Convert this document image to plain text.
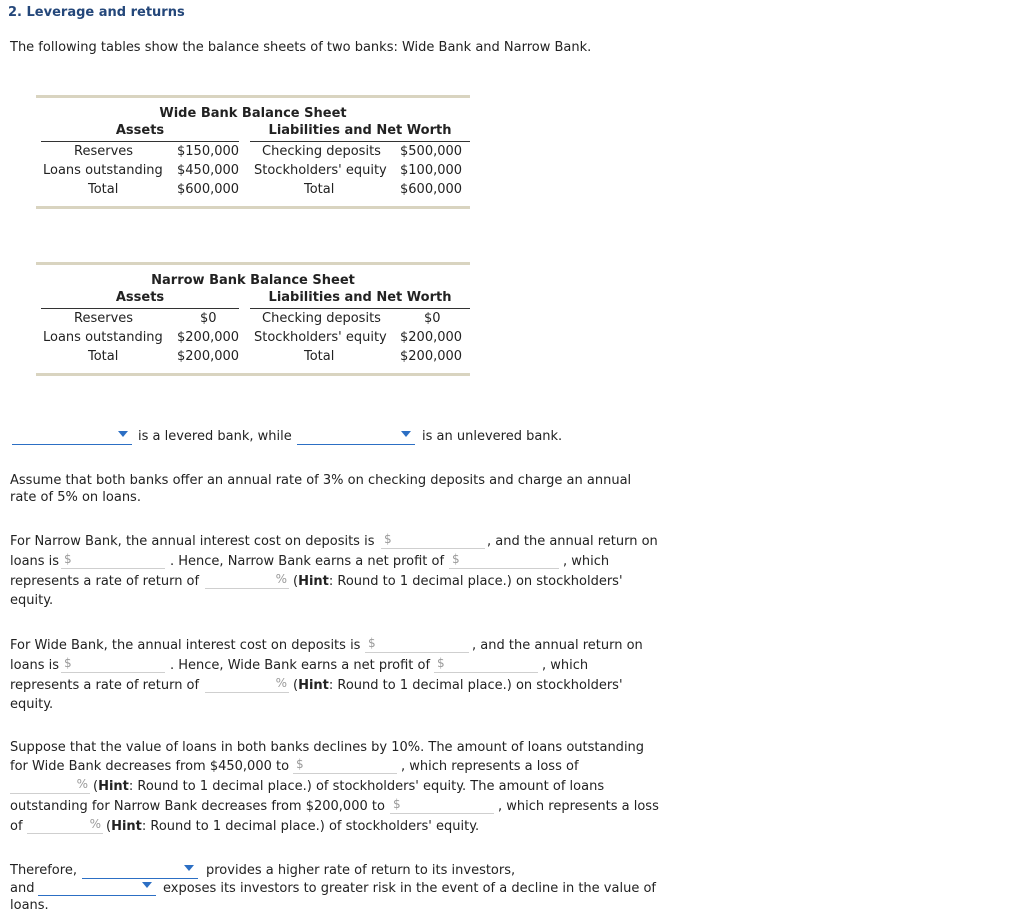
2. Leverage and returns
The following tables show the balance sheets of two banks: Wide Bank and Narrow Bank.
Wide Bank Balance Sheet
Assets	Liabilities and Net Worth
Reserves	$150,000 Checking deposits $500,000
Loans outstanding $450,000 Stockholders' equity $100,000
Total	$600,000	Total	$600,000
Narrow Bank Balance Sheet
Assets	Liabilities and Net Worth
Reserves	$0	Checking deposits	$0
Loans outstanding $200,000 Stockholders' equity $200,000
Total	$200,000	Total	$200,000
is a levered bank, while	is an unlevered bank.
Assume that both banks offer an annual rate of 3% on checking deposits and charge an annual
rate of 5% on loans.
For Narrow Bank, the annual interest cost on deposits is $	, and the annual return on
loans is $	. Hence, Narrow Bank earns a net profit of $	, which
represents a rate of return of	% (Hint: Round to 1 decimal place.) on stockholders'
equity.
For Wide Bank, the annual interest cost on deposits is $	, and the annual return on
loans is $	. Hence, Wide Bank earns a net profit of $	, which
represents a rate of return of	% (Hint: Round to 1 decimal place.) on stockholders'
equity.
Suppose that the value of loans in both banks declines by 10%. The amount of loans outstanding
for Wide Bank decreases from $450,000 to $	, which represents a loss of
% (Hint: Round to 1 decimal place.) of stockholders' equity. The amount of loans
outstanding for Narrow Bank decreases from $200,000 to $	, which represents a loss
of	% (Hint: Round to 1 decimal place.) of stockholders' equity.
Therefore,	provides a higher rate of return to its investors,
and	exposes its investors to greater risk in the event of a decline in the value of
loans.
